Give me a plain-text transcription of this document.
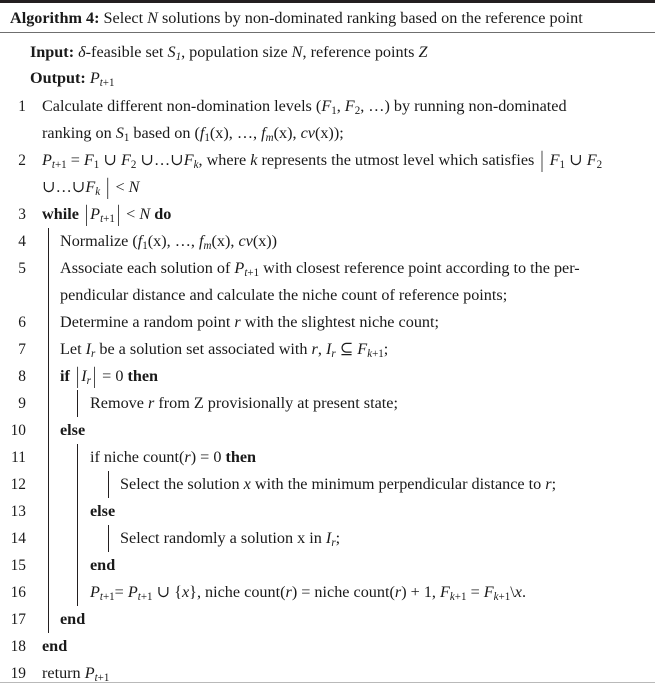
Algorithm 4: Select N solutions by non-dominated ranking based on the reference point
Input: δ-feasible set $S_1$, population size N, reference points Z
Output: $P_{t+1}$
1 Calculate different non-domination levels ($F_1$, $F_2$, …) by running non-dominated
ranking on $S_1$ based on ($f_1(x)$, …, $f_m(x)$, cv(x));
2 $P_{t+1} = F_1$ ∪ $F_2$ $\cup\dots\cup F_k$, where k represents the utmost level which satisfies | $F_1$ ∪ $F_2$
$\cup\dots\cup F_k$ | < N
3 while | $P_{t+1}$ | < N do
4	Normalize ($f_1(x)$, …, $f_m(x)$, cv(x))
5	Associate each solution of $P_{t+1}$ with closest reference point according to the per-
pendicular distance and calculate the niche count of reference points;
6	Determine a random point r with the slightest niche count;
7	Let $I_r$ be a solution set associated with r, $I_r$ ⊆ $F_{k+1}$;
8	if | $I_r$ | = 0 then
9	Remove r from Z provisionally at present state;
10	else
11	if niche count(r) = 0 then
12	Select the solution x with the minimum perpendicular distance to r;
13	else
14	Select randomly a solution x in $I_r$;
15	end
16	$P_{t+1}= P_{t+1}$ ∪ {x}, niche count(r) = niche count(r) + 1, $F_{k+1}$ = $F_{k+1}\backslash x$.
17	end
18 end
19 return $P_{t+1}$
